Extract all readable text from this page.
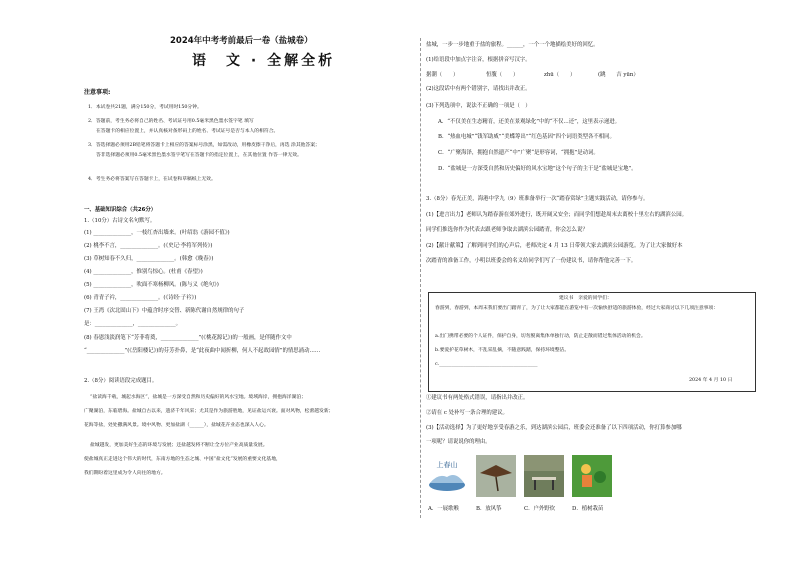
2024年中考考前最后一卷（盐城卷）
语　文 · 全解全析
注意事项:
1．本试卷共21题，满分150分，考试用时150分钟。
2．答题前，考生务必将自己的姓名、考试证号用0.5毫米黑色墨水签字笔 填写
在答题卡的相应位置上，并认真核对条形码上的姓名、考试证号是否与本人的相符合。
3．答选择题必须用2B铅笔将答题卡上相应的答案标号涂黑，如需改动，用橡皮擦干净后，再选 涂其他答案；
答非选择题必须用0.5毫米黑色墨水签字笔写在答题卡的指定位置上，在其他位置 作答一律无效。
4．考生务必将答案写在答题卡上，在试卷和草稿纸上无效。
一、基础知识综合（共26分）
1.（10分）古诗文名句默写。
(1) ______________，一枝红杏出墙来。(叶绍翁《游园不值》)
(2) 桃李不言，______________。(《史记·李将军列传》)
(3) 草树知春不久归，______________。(韩愈《晚春》)
(4) ______________，惟别鸟惊心。(杜甫《春望》)
(5) ______________，吹面不寒杨柳风。(陈与义《绝句》)
(6) 青青子衿，______________。(《诗经·子衿》)
(7) 王湾《次北固山下》中蕴含时序交替、新陈代谢自然规律的句子
是：______________，______________。
(8) 春恩浅淡润笔下“芳菲将奠，______________”(《桃花源记》)的一般画，是伴随作文中
“______________”(《岳阳楼记》)的芬芳扑鼻，是“此夜曲中闻折柳，何人不起故园情”的情思涌动……
2.（8分）阅读语段完成题目。
“盐读海千载，城起水海区”，盐城是一方深受自然和历史偏好的风水宝地。境域海岸，拥抱海洋湖泊；
广聚湖泊，东临碧海。盐城自古以来，遗济千年风采；尤其是作为旅游胜地，见证盐运兴衰。面对风物，松蕾越发新；
花海等盐，处处撒满风景。境中风物、更加盐湖（______），盐城花卉业态也深入人心。
盐城越发，更加美好生态的环境与发展；还盐越发将不断让全方位产业高质量发展。
使盐城真正走进这个伟大的时代，东南方地的生态之城、中国“盐文化”发展的重要文化基地，
我们期盼着这里成为令人向往的地方。
盐城，一步一步地重于盐的旅程。______，一个一个地描绘美好的回忆。
(1)给语段中加点字注音，根据拼音写汉字。
据潮（　　）	恒腹（　　）	zhū（　　）	(跳　　吉 yūn）
(2)这段话中有两个错别字，请找出并改正。
(3)下列选项中，说法不正确的一项是（　）
A．“不仅美在生态精育，还美在景观绿化”中的“不仅…还”，这里表示递进。
B．“热血电城”“钱军助威”“美蝶筹出”“红色基因”四个词语类型各不相同。
C．“广聚海泽，拥抱自然遗产“中”广聚“是形容词，“拥抱”是动词。
D．“盐城是一方深受自然和历史偏好的风水宝地”这个句子的主干是“盐城是宝地”。
3.（8分）春光正美，海港中学九（9）班准备举行一次“踏春赏绿”主题实践活动，请你参与。
(1)【进言出力】老师认为踏春游在郊外进行，既开阔又安全；而同学们想趁周末去离校十里左右的湖滨公园。
同学们推选你作为代表去跟老师争取去湖滨公园踏青，你会怎么说？
(2)【献计献策】了解到同学们的心声后，老师决定 4 月 13 日带领大家去湖滨公园游览。为了让大家做好本
次踏青的准备工作，小明以班委会的名义给同学们写了一份建议书，请你帮他完善一下。
建议书　亲爱的同学们：
春游到，春游到，本周末我们要出门踏青了，为了让大家都能在游览中有一次愉快舒适的旅游体验，经过大家商讨以下几项注意事项：
a.出门携带必要的个人证件，保护自身，切勿脱离集体单独行动，防止走散而错过集体活动的机会。
b.要爱护花草树木，不乱采乱摘，不随意践踏，保持环境整洁。
c._________________________________________
2024 年 4 月 10 日
①建议书有两处格式错误，请指出并改正。
②请在 c 处补写一条合理的建议。
(3)【活动选择】为了更好地享受春游之乐，到达湖滨公园后，班委会还准备了以下四项活动，你打算参加哪
一项呢？请说说你的理由。
上春山
A．一展歌喉	B．放风筝	C．户外野炊	D．植树栽苗
